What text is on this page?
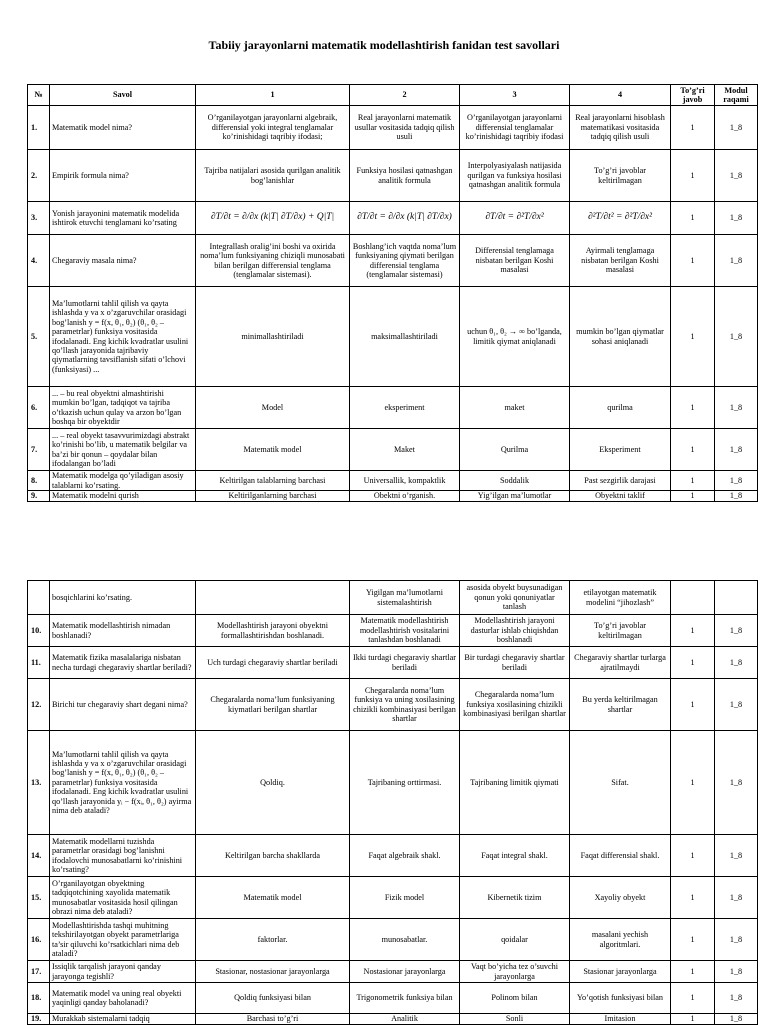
Tabiiy jarayonlarni matematik modellashtirish fanidan test savollari
№	Savol	1	2	3	4	To’g’ri javob	Modul raqami
1.	Matematik model nima?	O’rganilayotgan jarayonlarni algebraik, differensial yoki integral tenglamalar ko’rinishidagi taqribiy ifodasi;	Real jarayonlarni matematik usullar vositasida tadqiq qilish usuli	O’rganilayotgan jarayonlarni differensial tenglamalar ko’rinishidagi taqribiy ifodasi	Real jarayonlarni hisoblash matematikasi vositasida tadqiq qilish usuli	1	1_8
2.	Empirik formula nima?	Tajriba natijalari asosida qurilgan analitik bog’lanishlar	Funksiya hosilasi qatnashgan analitik formula	Interpolyasiyalash natijasida qurilgan va funksiya hosilasi qatnashgan analitik formula	To’g’ri javoblar keltirilmagan	1	1_8
3.	Yonish jarayonini matematik modelida ishtirok etuvchi tenglamani ko’rsating	∂T/∂t = ∂/∂x (k|T| ∂T/∂x) + Q|T|	∂T/∂t = ∂/∂x (k|T| ∂T/∂x)	∂T/∂t = ∂²T/∂x²	∂²T/∂t² = ∂²T/∂x²	1	1_8
4.	Chegaraviy masala nima?	Integrallash oralig’ini boshi va oxirida noma’lum funksiyaning chiziqli munosabati bilan berilgan differensial tenglama (tenglamalar sistemasi).	Boshlang’ich vaqtda noma’lum funksiyaning qiymati berilgan differensial tenglama (tenglamalar sistemasi)	Differensial tenglamaga nisbatan berilgan Koshi masalasi	Ayirmali tenglamaga nisbatan berilgan Koshi masalasi	1	1_8
5.	Ma’lumotlarni tahlil qilish va qayta ishlashda y va x o’zgaruvchilar orasidagi bog’lanish y = f(x, θ₁, θ₂) (θ₁, θ₂ – parametrlar) funksiya vositasida ifodalanadi. Eng kichik kvadratlar usulini qo’llash jarayonida tajribaviy qiymatlarning tavsiflanish sifati o’lchovi (funksiyasi) ...	minimallashtiriladi	maksimallashtiriladi	uchun θ₁, θ₂ → ∞ bo’lganda, limitik qiymat aniqlanadi	mumkin bo’lgan qiymatlar sohasi aniqlanadi	1	1_8
6.	... – bu real obyektni almashtirishi mumkin bo’lgan, tadqiqot va tajriba o’tkazish uchun qulay va arzon bo’lgan boshqa bir obyektdir	Model	eksperiment	maket	qurilma	1	1_8
7.	... – real obyekt tasavvurimizdagi abstrakt ko’rinishi bo’lib, u matematik belgilar va ba’zi bir qonun – qoydalar bilan ifodalangan bo’ladi	Matematik model	Maket	Qurilma	Eksperiment	1	1_8
8.	Matematik modelga qo’yiladigan asosiy talablarni ko’rsating.	Keltirilgan talablarning barchasi	Universallik, kompaktlik	Soddalik	Past sezgirlik darajasi	1	1_8
9.	Matematik modelni qurish	Keltirilganlarning barchasi	Obektni o’rganish.	Yig’ilgan ma’lumotlar	Obyektni taklif	1	1_8
	bosqichlarini ko’rsating.		Yigilgan ma’lumotlarni sistemalashtirish	asosida obyekt buysunadigan qonun yoki qonuniyatlar tanlash	etilayotgan matematik modelini “jihozlash”		
10.	Matematik modellashtirish nimadan boshlanadi?	Modellashtirish jarayoni obyektni formallashtirishdan boshlanadi.	Matematik modellashtirish modellashtirish vositalarini tanlashdan boshlanadi	Modellashtirish jarayoni dasturlar ishlab chiqishdan boshlanadi	To’g’ri javoblar keltirilmagan	1	1_8
11.	Matematik fizika masalalariga nisbatan necha turdagi chegaraviy shartlar beriladi?	Uch turdagi chegaraviy shartlar beriladi	Ikki turdagi chegaraviy shartlar beriladi	Bir turdagi chegaraviy shartlar beriladi	Chegaraviy shartlar turlarga ajratilmaydi	1	1_8
12.	Birichi tur chegaraviy shart degani nima?	Chegaralarda noma’lum funksiyaning kiymatlari berilgan shartlar	Chegaralarda noma’lum funksiya va uning xosilasining chizikli kombinasiyasi berilgan shartlar	Chegaralarda noma’lum funksiya xosilasining chizikli kombinasiyasi berilgan shartlar	Bu yerda keltirilmagan shartlar	1	1_8
13.	Ma’lumotlarni tahlil qilish va qayta ishlashda y va x o’zgaruvchilar orasidagi bog’lanish y = f(x, θ₁, θ₂) (θ₁, θ₂ – parametrlar) funksiya vositasida ifodalanadi. Eng kichik kvadratlar usulini qo’llash jarayonida yᵢ − f(xᵢ, θ₁, θ₂) ayirma nima deb ataladi?	Qoldiq.	Tajribaning orttirmasi.	Tajribaning limitik qiymati	Sifat.	1	1_8
14.	Matematik modellarni tuzishda parametrlar orasidagi bog’lanishni ifodalovchi munosabatlarni ko’rinishini ko’rsating?	Keltirilgan barcha shakllarda	Faqat algebraik shakl.	Faqat integral shakl.	Faqat differensial shakl.	1	1_8
15.	O’rganilayotgan obyektning tadqiqotchining xayolida matematik munosabatlar vositasida hosil qilingan obrazi nima deb ataladi?	Matematik model	Fizik model	Kibernetik tizim	Xayoliy obyekt	1	1_8
16.	Modellashtirishda tashqi muhitning tekshirilayotgan obyekt parametrlariga ta’sir qiluvchi ko’rsatkichlari nima deb ataladi?	faktorlar.	munosabatlar.	qoidalar	masalani yechish algoritmlari.	1	1_8
17.	Issiqlik tarqalish jarayoni qanday jarayonga tegishli?	Stasionar, nostasionar jarayonlarga	Nostasionar jarayonlarga	Vaqt bo’yicha tez o’suvchi jarayonlarga	Stasionar jarayonlarga	1	1_8
18.	Matematik model va uning real obyekti yaqinligi qanday baholanadi?	Qoldiq funksiyasi bilan	Trigonometrik funksiya bilan	Polinom bilan	Yo’qotish funksiyasi bilan	1	1_8
19.	Murakkab sistemalarni tadqiq	Barchasi to’g’ri	Analitik	Sonli	Imitasion	1	1_8
